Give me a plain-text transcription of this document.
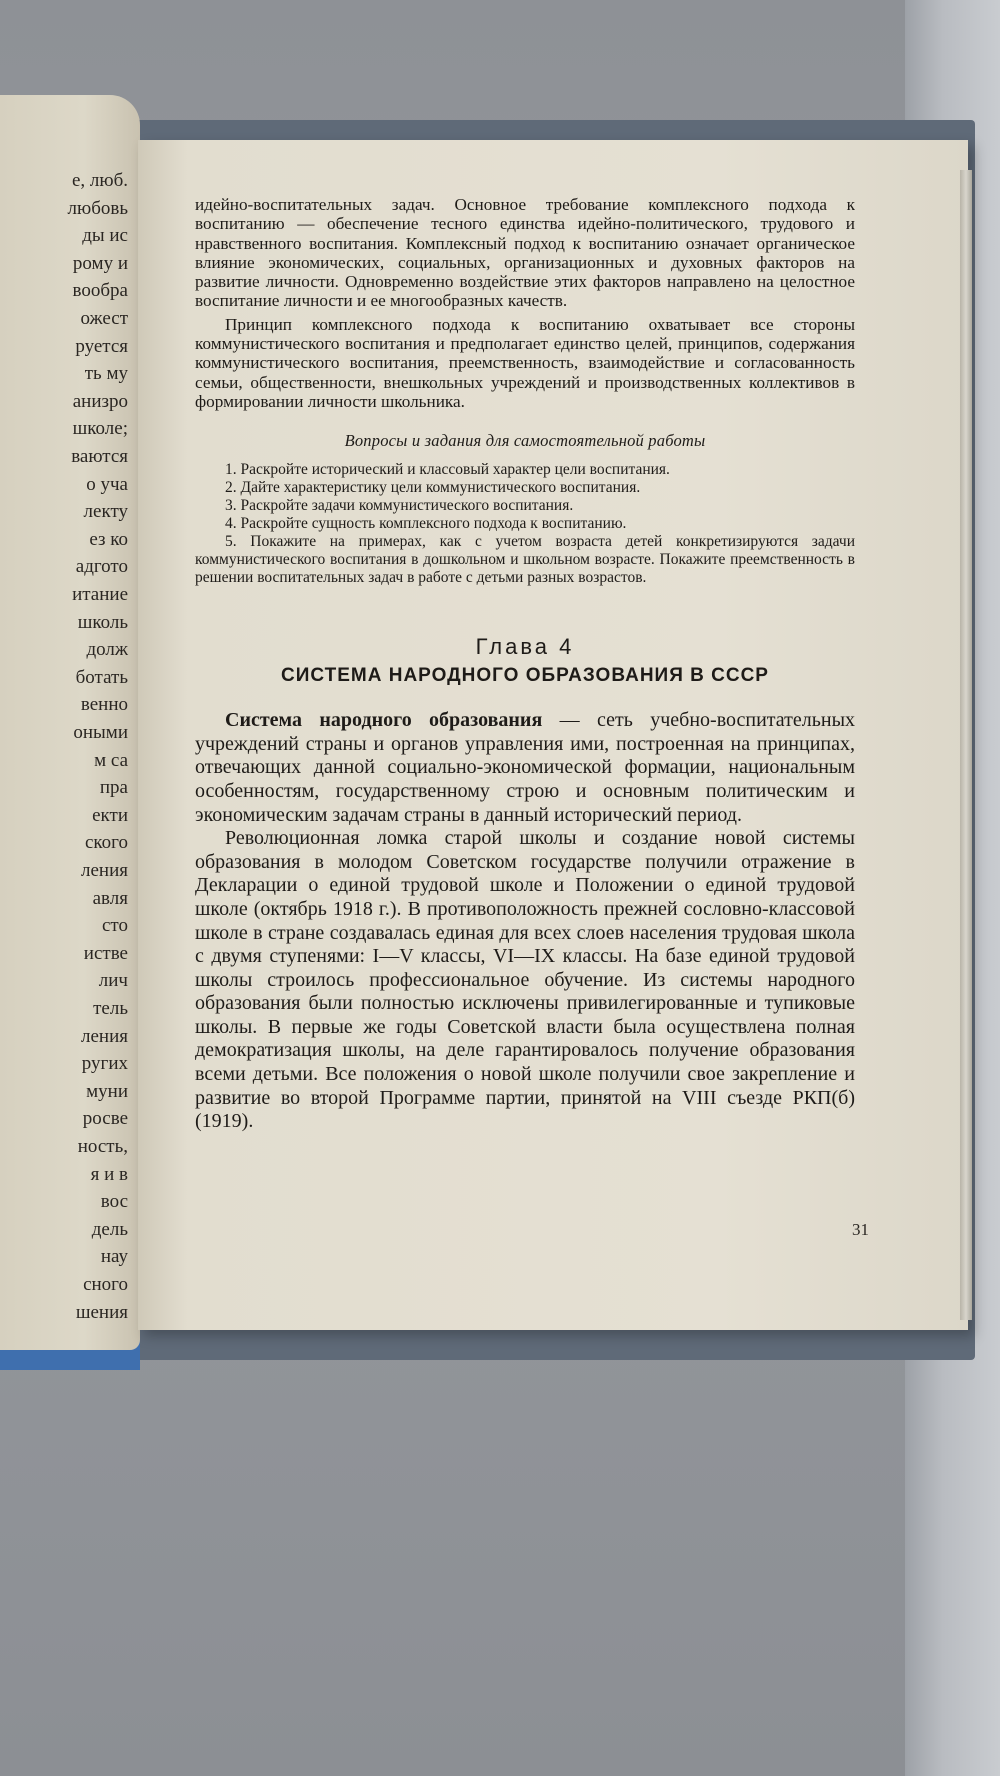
е, люб.
любовь
ды ис
рому и
вообра
ожест
руется
ть му
анизро
школе;
ваются
о уча
лекту
ез ко
адгото
итание
школь
долж
ботать
венно
оными
м са
пра
екти
ского
ления
авля
сто
истве
лич
тель
ления
ругих
муни
росве
ность,
я и в
вос
дель
нау
сного
шения

идейно-воспитательных задач. Основное требование комплексного подхода к воспитанию — обеспечение тесного единства идейно-политического, трудового и нравственного воспитания. Комплексный подход к воспитанию означает органическое влияние экономических, социальных, организационных и духовных факторов на развитие личности. Одновременно воздействие этих факторов направлено на целостное воспитание личности и ее многообразных качеств.

Принцип комплексного подхода к воспитанию охватывает все стороны коммунистического воспитания и предполагает единство целей, принципов, содержания коммунистического воспитания, преемственность, взаимодействие и согласованность семьи, общественности, внешкольных учреждений и производственных коллективов в формировании личности школьника.

Вопросы и задания для самостоятельной работы

1. Раскройте исторический и классовый характер цели воспитания.

2. Дайте характеристику цели коммунистического воспитания.

3. Раскройте задачи коммунистического воспитания.

4. Раскройте сущность комплексного подхода к воспитанию.

5. Покажите на примерах, как с учетом возраста детей конкретизируются задачи коммунистического воспитания в дошкольном и школьном возрасте. Покажите преемственность в решении воспитательных задач в работе с детьми разных возрастов.

Глава 4
СИСТЕМА НАРОДНОГО ОБРАЗОВАНИЯ В СССР

Система народного образования — сеть учебно-воспитательных учреждений страны и органов управления ими, построенная на принципах, отвечающих данной социально-экономической формации, национальным особенностям, государственному строю и основным политическим и экономическим задачам страны в данный исторический период.

Революционная ломка старой школы и создание новой системы образования в молодом Советском государстве получили отражение в Декларации о единой трудовой школе и Положении о единой трудовой школе (октябрь 1918 г.). В противоположность прежней сословно-классовой школе в стране создавалась единая для всех слоев населения трудовая школа с двумя ступенями: I—V классы, VI—IX классы. На базе единой трудовой школы строилось профессиональное обучение. Из системы народного образования были полностью исключены привилегированные и тупиковые школы. В первые же годы Советской власти была осуществлена полная демократизация школы, на деле гарантировалось получение образования всеми детьми. Все положения о новой школе получили свое закрепление и развитие во второй Программе партии, принятой на VIII съезде РКП(б) (1919).

31
